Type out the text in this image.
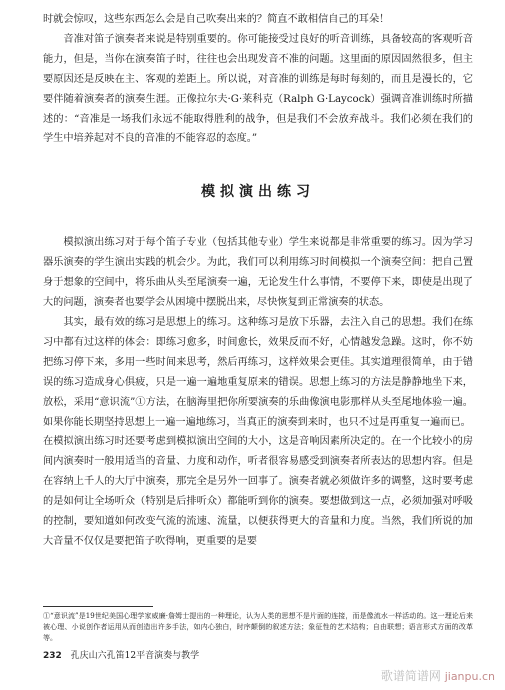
时就会惊叹，这些东西怎么会是自己吹奏出来的？简直不敢相信自己的耳朵！

音准对笛子演奏者来说是特别重要的。你可能接受过良好的听音训练，具备较高的客观听音能力，但是，当你在演奏笛子时，往往也会出现发音不准的问题。这里面的原因固然很多，但主要原因还是反映在主、客观的差距上。所以说，对音准的训练是每时每刻的，而且是漫长的，它要伴随着演奏者的演奏生涯。正像拉尔夫·G·莱科克（Ralph G·Laycock）强调音准训练时所描述的：“音准是一场我们永远不能取得胜利的战争，但是我们不会放弃战斗。我们必须在我们的学生中培养起对不良的音准的不能容忍的态度。”

模拟演出练习

模拟演出练习对于每个笛子专业（包括其他专业）学生来说都是非常重要的练习。因为学习器乐演奏的学生演出实践的机会少。为此，我们可以利用练习时间模拟一个演奏空间：把自己置身于想象的空间中，将乐曲从头至尾演奏一遍，无论发生什么事情，不要停下来，即使是出现了大的问题，演奏者也要学会从困境中摆脱出来，尽快恢复到正常演奏的状态。

其实，最有效的练习是思想上的练习。这种练习是放下乐器，去注入自己的思想。我们在练习中都有过这样的体会：即练习愈多，时间愈长，效果反而不好，心情越发急躁。这时，你不妨把练习停下来，多用一些时间来思考，然后再练习，这样效果会更佳。其实道理很简单，由于错误的练习造成身心俱疲，只是一遍一遍地重复原来的错误。思想上练习的方法是静静地坐下来，放松，采用“意识流”①方法，在脑海里把你所要演奏的乐曲像演电影那样从头至尾地体验一遍。如果你能长期坚持思想上一遍一遍地练习，当真正的演奏到来时，也只不过是再重复一遍而已。

在模拟演出练习时还要考虑到模拟演出空间的大小，这是音响因素所决定的。在一个比较小的房间内演奏时一般用适当的音量、力度和动作，听者很容易感受到演奏者所表达的思想内容。但是在容纳上千人的大厅中演奏，那完全是另外一回事了。演奏者就必须做许多的调整，这时要考虑的是如何让全场听众（特别是后排听众）都能听到你的演奏。要想做到这一点，必须加强对呼吸的控制，要知道如何改变气流的流速、流量，以便获得更大的音量和力度。当然，我们所说的加大音量不仅仅是要把笛子吹得响，更重要的是要

①“意识流”是19世纪美国心理学家威廉·詹姆士提出的一种理论，认为人类的思想不是片面的连接，而是像流水一样活动的。这一理论后来被心理、小说创作者运用从而创造出许多手法，如内心独白，时序颠倒的叙述方法；象征性的艺术结构；自由联想；语言形式方面的改革等。
232 孔庆山六孔笛12平音演奏与教学
歌谱简谱网 jianpu.cn
